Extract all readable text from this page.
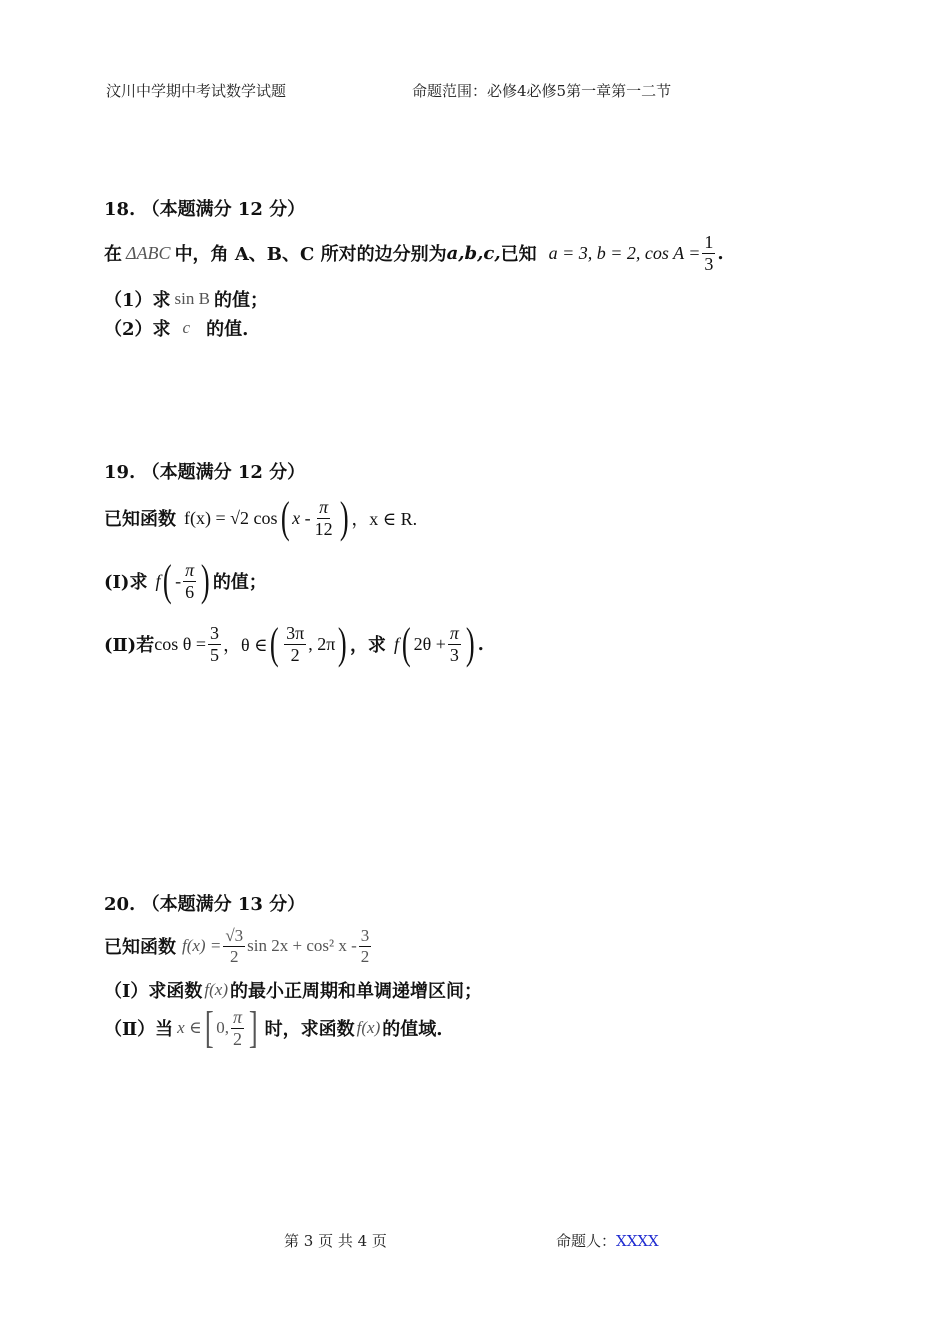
汶川中学期中考试数学试题	命题范围：必修4必修5第一章第一二节
18. （本题满分 12 分）
在 ΔABC 中，角 A、B、C 所对的边分别为 a,b,c, 已知 a = 3, b = 2, $\cos A = \frac{1}{3}$ .
（1）求 sin B 的值；
（2）求 c 的值.
19. （本题满分 12 分）
已知函数 f(x) = √2 cos ( x - $\frac{\pi}{12}$ ) ，x ∈ R.
(Ⅰ)求 f ( - $\frac{\pi}{6}$ ) 的值；
(Ⅱ)若 $\cos \theta = \frac{3}{5}$ ，θ ∈ ( $\frac{3\pi}{2}$ , 2π ) ，求 f ( $2\theta + \frac{\pi}{3}$ ) .
20. （本题满分 13 分）
已知函数 $f(x) = \frac{√3}{2}$ sin 2x + cos² x - $\frac{3}{2}$
（Ⅰ）求函数 f(x) 的最小正周期和单调递增区间；
（Ⅱ）当 x ∈ [ 0, $\frac{\pi}{2}$ ] 时，求函数 f(x) 的值域.
第 3 页 共 4 页	命题人：XXXX
